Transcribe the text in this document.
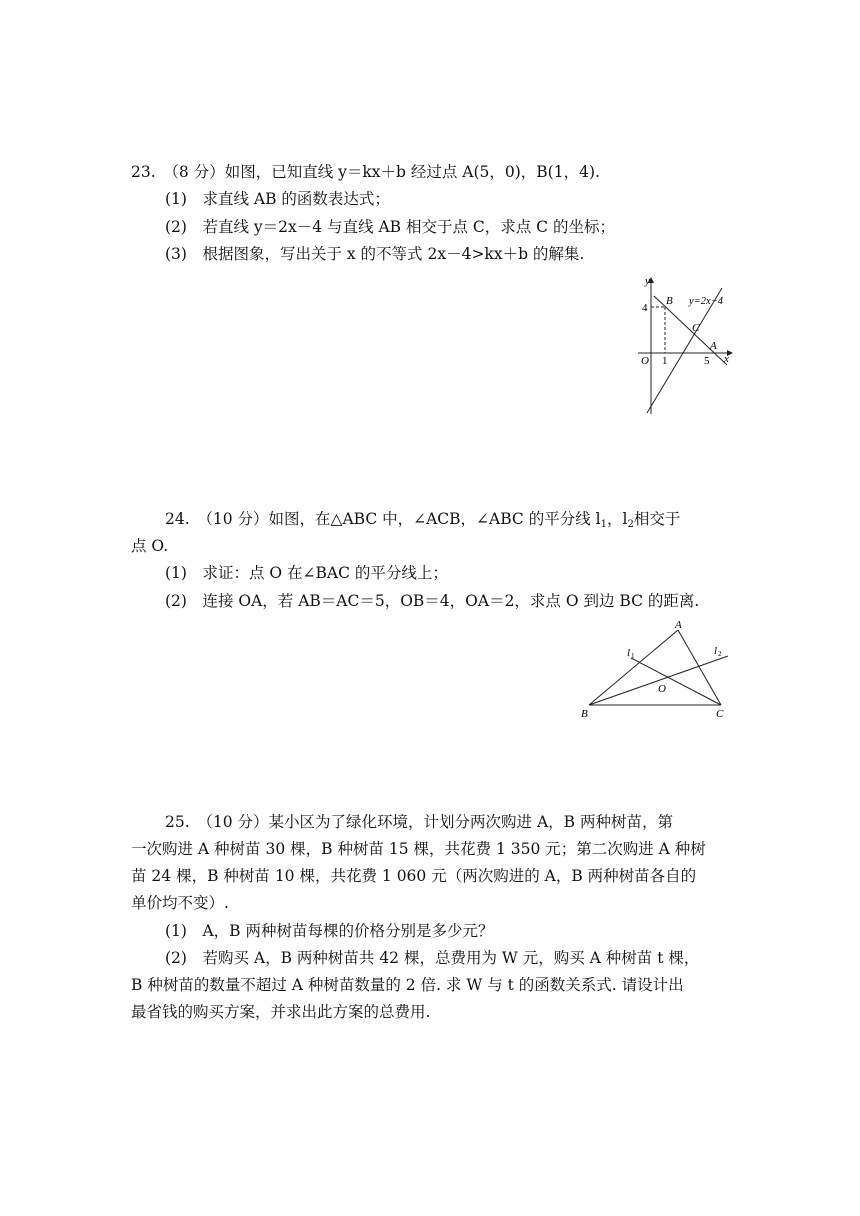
23.　（8 分）如图，已知直线 y＝kx＋b 经过点 A(5，0)，B(1，4).
(1)　求直线 AB 的函数表达式；
(2)　若直线 y＝2x－4 与直线 AB 相交于点 C，求点 C 的坐标；
(3)　根据图象，写出关于 x 的不等式 2x－4>kx＋b 的解集.
y
x
O
4
1	5
B
C
A
y=2x−4
24.　（10 分）如图，在△ABC 中，∠ACB，∠ABC 的平分线 $l_1$，$l_2$相交于
点 O.
(1)　求证：点 O 在∠BAC 的平分线上；
(2)　连接 OA，若 AB＝AC＝5，OB＝4，OA＝2，求点 O 到边 BC 的距离.
A
B	C
O
l 1	l 2
25.　（10 分）某小区为了绿化环境，计划分两次购进 A，B 两种树苗，第
一次购进 A 种树苗 30 棵，B 种树苗 15 棵，共花费 1 350 元；第二次购进 A 种树
苗 24 棵，B 种树苗 10 棵，共花费 1 060 元（两次购进的 A，B 两种树苗各自的
单价均不变）.
(1)　A，B 两种树苗每棵的价格分别是多少元？
(2)　若购买 A，B 两种树苗共 42 棵，总费用为 W 元，购买 A 种树苗 t 棵，
B 种树苗的数量不超过 A 种树苗数量的 2 倍. 求 W 与 t 的函数关系式. 请设计出
最省钱的购买方案，并求出此方案的总费用.
